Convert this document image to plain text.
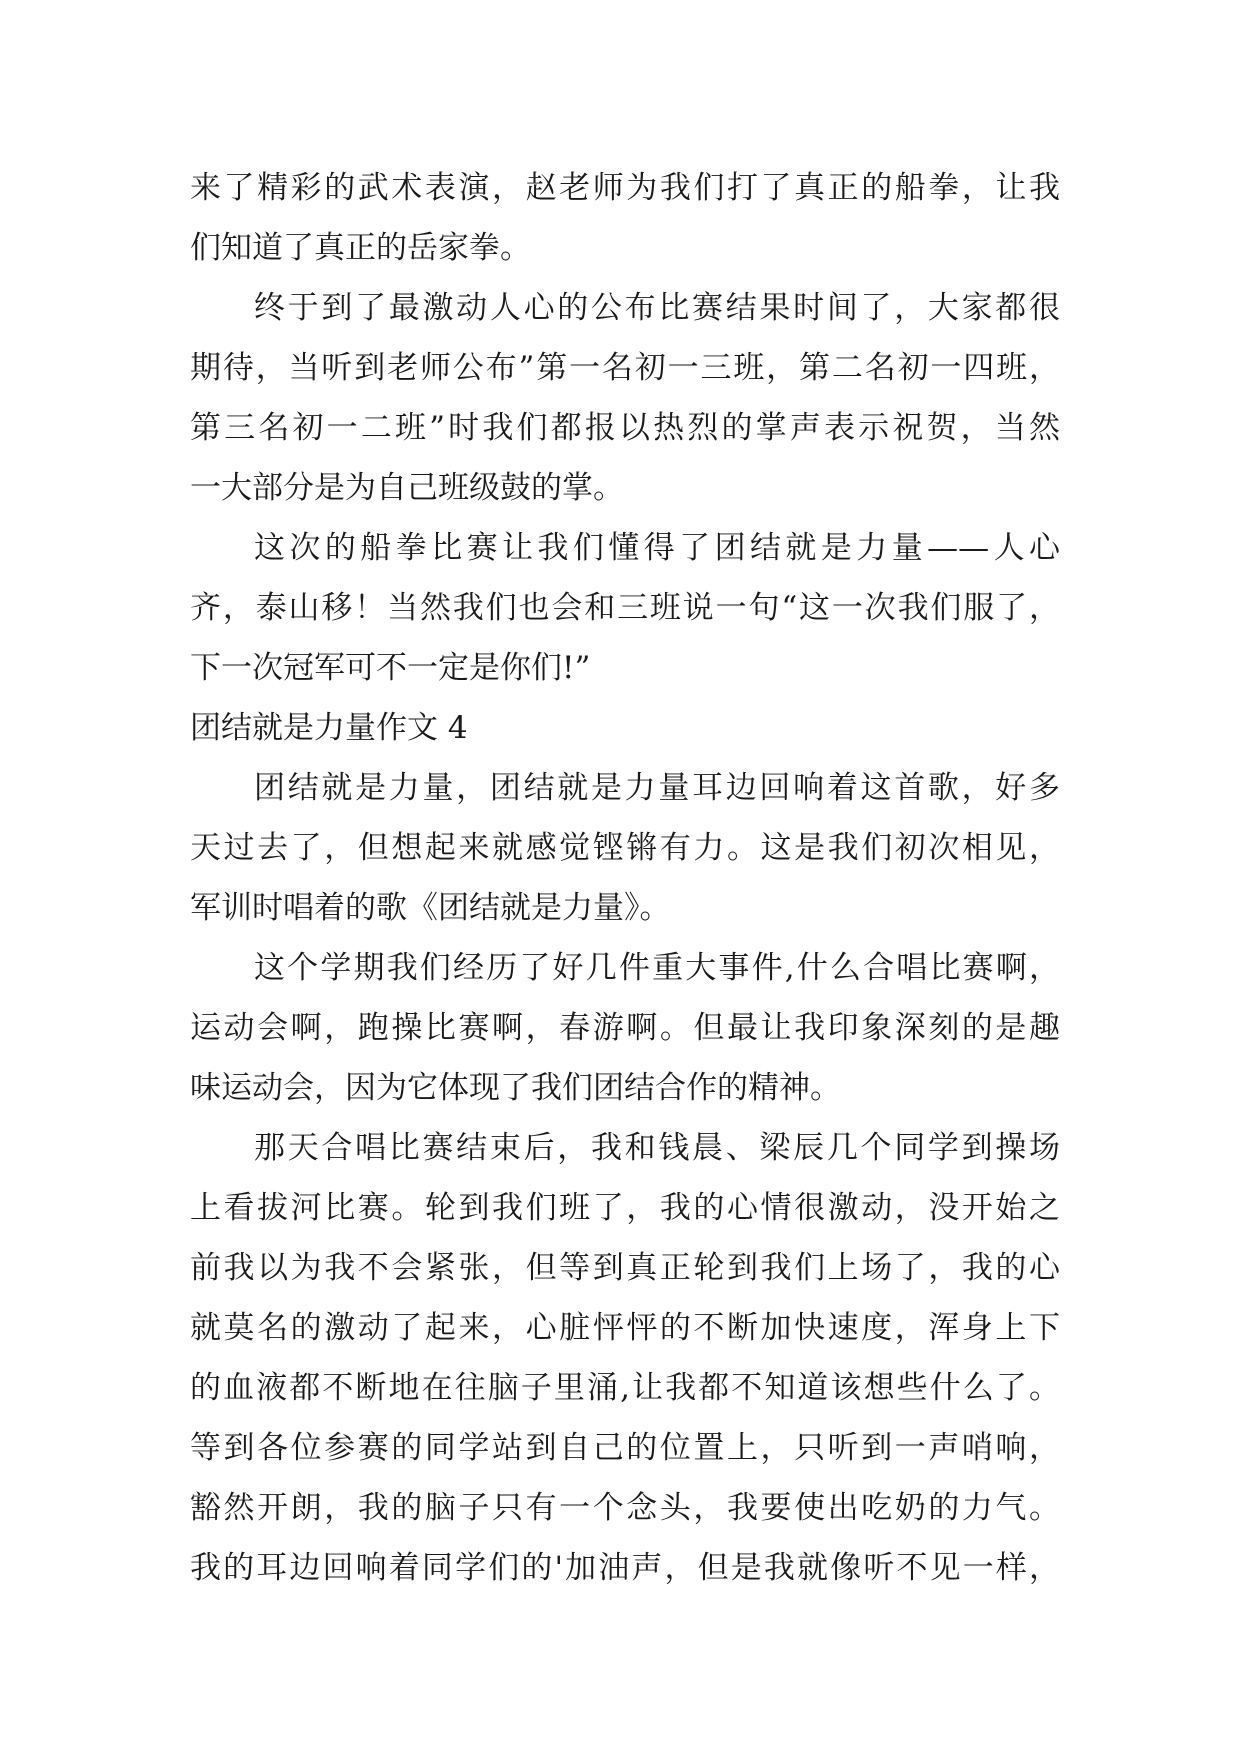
来了精彩的武术表演，赵老师为我们打了真正的船拳，让我
们知道了真正的岳家拳。
终于到了最激动人心的公布比赛结果时间了，大家都很
期待，当听到老师公布”第一名初一三班，第二名初一四班，
第三名初一二班”时我们都报以热烈的掌声表示祝贺，当然
一大部分是为自己班级鼓的掌。
这次的船拳比赛让我们懂得了团结就是力量——人心
齐，泰山移！当然我们也会和三班说一句“这一次我们服了，
下一次冠军可不一定是你们!”
团结就是力量作文 4
团结就是力量，团结就是力量耳边回响着这首歌，好多
天过去了，但想起来就感觉铿锵有力。这是我们初次相见，
军训时唱着的歌《团结就是力量》。
这个学期我们经历了好几件重大事件,什么合唱比赛啊，
运动会啊，跑操比赛啊，春游啊。但最让我印象深刻的是趣
味运动会，因为它体现了我们团结合作的精神。
那天合唱比赛结束后，我和钱晨、梁辰几个同学到操场
上看拔河比赛。轮到我们班了，我的心情很激动，没开始之
前我以为我不会紧张，但等到真正轮到我们上场了，我的心
就莫名的激动了起来，心脏怦怦的不断加快速度，浑身上下
的血液都不断地在往脑子里涌,让我都不知道该想些什么了。
等到各位参赛的同学站到自己的位置上，只听到一声哨响，
豁然开朗，我的脑子只有一个念头，我要使出吃奶的力气。
我的耳边回响着同学们的'加油声，但是我就像听不见一样，
